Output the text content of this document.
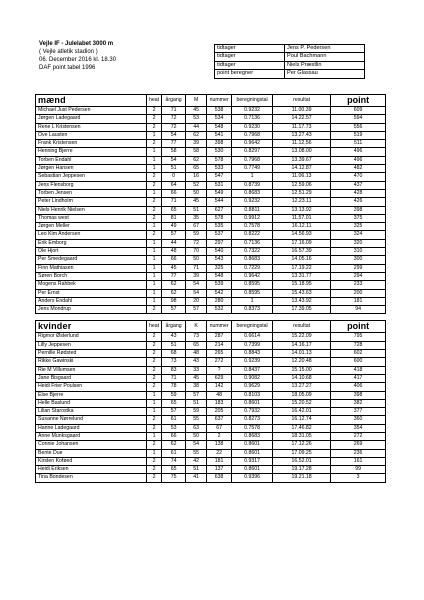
Vejle IF - Julelabet 3000 m
( Vejle atletik stadion )
06. December 2016 kl. 18.30
DAF point tabel 1996
tidtager	Jens P. Pedersen
tidtager	Poul Bachmann
tidtager	Niels Præstlin
point beregner	Per Glassau
mænd	heat	årgang	M	nummer	beregningstal	resultat	point
Michael Just Pedersen	2	71	45	538	0.9232	11.00.39	609
Jørgen Ladegaard	2	72	53	534	0.7136	14.22.57	594
Rene L Kristensen	2	72	44	548	0.9230	11.17.73	556
Ove Lausten	1	54	62	541	0.7968	13.27.43	519
Frank Kristensen	2	77	39	398	0.9642	11.12.56	511
Henning Bjerre	1	58	58	530	0.8297	13.08.00	496
Torben Endahl	1	54	62	578	0.7968	13.39.67	496
Jørgen Hansen	1	51	65	533	0.7749	14.12.87	482
Sebastian Jeppesen	2	0	16	547	1	11.06.13	470
Jens Flensborg	2	64	52	531	0.8739	12.59.06	437
Torben Jensen	1	66	50	549	0.8683	12.51.29	428
Peter Lindholm	2	71	45	544	0.9232	12.23.11	426
Niels Henrik Nielsen	2	65	51	627	0.8811	13.13.92	398
Thomas west	2	81	35	578	0.9912	11.57.01	375
Jørgen Meller	1	49	67	535	0.7578	16.12.11	325
Leo Kim Andersen	2	57	59	537	0.8222	14.56.93	324
Erik Emborg	1	44	72	297	0.7136	17.16.09	320
Ole Hjort	1	48	70	540	0.7322	16.57.39	310
Per Smedegaard	1	66	50	543	0.8683	14.05.16	300
Finn Mathiasen	1	45	71	325	0.7229	17.19.22	299
Søren Borch	1	77	39	548	0.9642	13.31.77	294
Mogens Rahbek	1	62	54	539	0.8595	15.18.95	233
Per Ernst	1	62	54	542	0.8595	15.43.63	200
Anders Endahl	1	98	20	280	1	13.43.92	181
Jens Mondrup	2	57	57	532	0.8373	17.39.05	94

kvinder	heat	årgang	K	nummer	beregningstal	resultat	point
Rigmor Østerlund	2	43	73	287	0.6614	15.22.09	795
Lilly Jeppesen	2	51	65	214	0.7399	14.16.17	728
Pernille Rødsted	2	68	48	265	0.8843	14.01.13	602
Rikke Gawinski	2	73	43	272	0.9239	12.20.48	600
Rie M Villumsen	2	83	33	?	0.8437	15.15.00	418
Jane Bisgaard	2	71	45	629	0.9082	14.10.68	417
Heidi Frier Poulsen	2	78	38	142	0.9629	13.27.27	406
Else Bjerre	1	59	57	48	0.8103	18.05.09	398
Helle Baslund	1	65	51	183	0.8601	15.20.52	382
Lilian Starostka	1	57	59	205	0.7932	16.42.01	377
Susanne Nørrelund	2	61	55	637	0.8273	16.12.74	360
Hanne Ladegaard	2	53	63	67	0.7578	17.46.82	354
Anne Munksgaard	1	66	50	2	0.8683	18.31.05	272
Connie Johansen	2	62	54	138	0.8601	17.12.26	269
Bente Due	1	61	55	22	0.8601	17.09.25	236
Kirsten Koføed	2	74	42	181	0.9317	16.52.01	161
Heidi Eriksen	2	65	51	137	0.8601	19.17.28	99
Tina Bondesen	2	75	41	638	0.9396	19.21.18	3
